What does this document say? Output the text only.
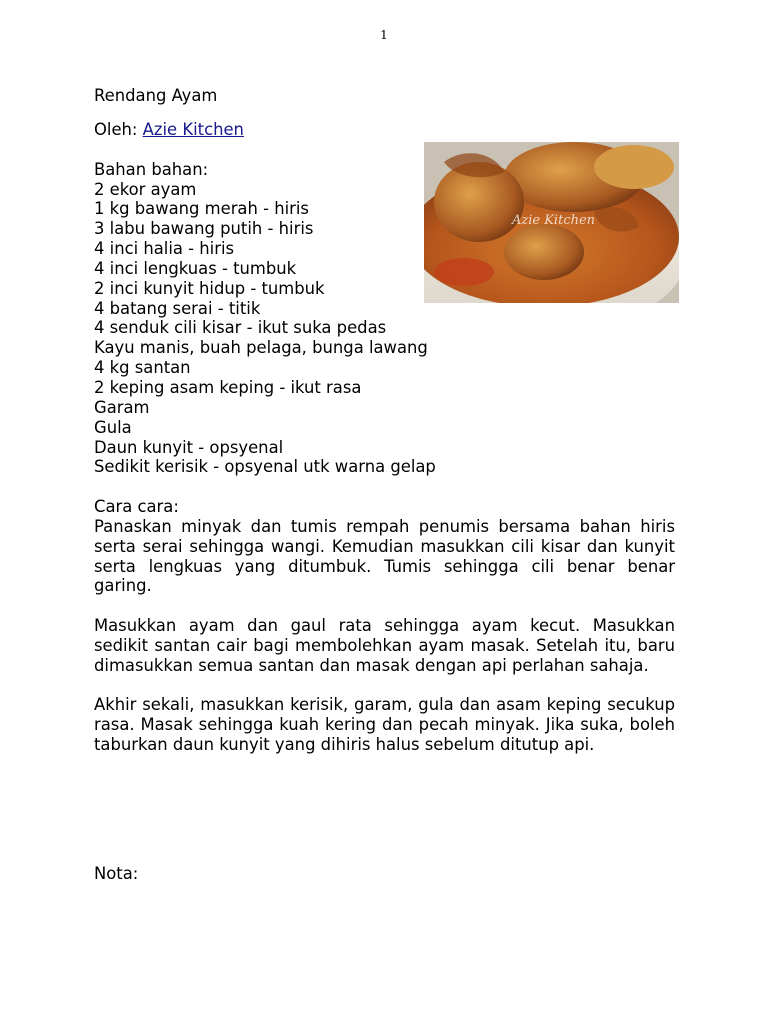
1
Rendang Ayam
Oleh: Azie Kitchen
Bahan bahan:
2 ekor ayam
1 kg bawang merah - hiris
3 labu bawang putih - hiris
4 inci halia - hiris
4 inci lengkuas - tumbuk
2 inci kunyit hidup - tumbuk
4 batang serai - titik
4 senduk cili kisar - ikut suka pedas
Kayu manis, buah pelaga, bunga lawang
4 kg santan
2 keping asam keping - ikut rasa
Garam
Gula
Daun kunyit - opsyenal
Sedikit kerisik - opsyenal utk warna gelap
Cara cara:

Panaskan minyak dan tumis rempah penumis bersama bahan hiris serta serai sehingga wangi. Kemudian masukkan cili kisar dan kunyit serta lengkuas yang ditumbuk. Tumis sehingga cili benar benar garing.

Masukkan ayam dan gaul rata sehingga ayam kecut. Masukkan sedikit santan cair bagi membolehkan ayam masak. Setelah itu, baru dimasukkan semua santan dan masak dengan api perlahan sahaja.

Akhir sekali, masukkan kerisik, garam, gula dan asam keping secukup rasa. Masak sehingga kuah kering dan pecah minyak. Jika suka, boleh taburkan daun kunyit yang dihiris halus sebelum ditutup api.

Azie Kitchen
Nota:
